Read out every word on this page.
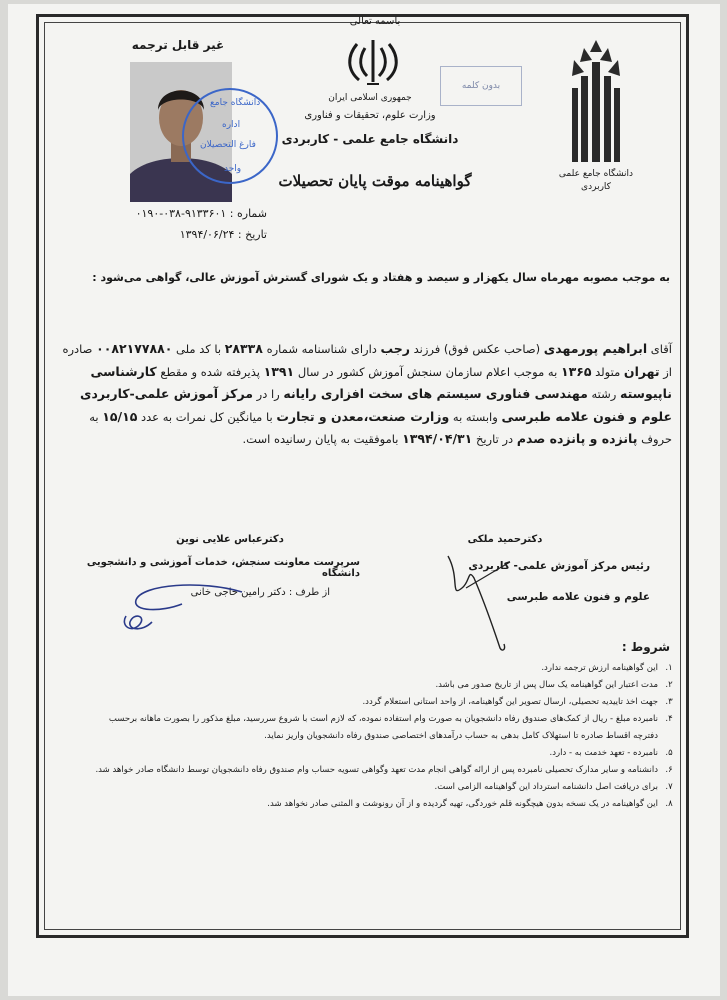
باسمه تعالی
جمهوری اسلامی ایران
وزارت علوم، تحقیقات و فناوری
دانشگاه جامع علمی - کاربردی
گواهینامه موقت پایان تحصیلات	دانشگاه جامع علمی کاربردی
بدون کلمه
غیر قابل ترجمه
دانشگاه جامع
اداره
فارغ التحصیلان
واحد
شماره : ۹۱۳۳۶۰۱-۰۳۸-۰۱۹۰
تاریخ : ۱۳۹۴/۰۶/۲۴
به موجب مصوبه مهرماه سال یکهزار و سیصد و هفتاد و یک شورای گسترش آموزش عالی، گواهی می‌شود :
آقای ابراهیم پورمهدی (صاحب عکس فوق) فرزند رجب دارای شناسنامه شماره ۲۸۳۳۸ با کد ملی ۰۰۸۲۱۷۷۸۸۰ صادره از تهران متولد ۱۳۶۵ به موجب اعلام سازمان سنجش آموزش کشور در سال ۱۳۹۱ پذیرفته شده و مقطع کارشناسی ناپیوسته رشته مهندسی فناوری سیستم های سخت افزاری رایانه را در مرکز آموزش علمی-کاربردی علوم و فنون علامه طبرسی وابسته به وزارت صنعت،معدن و تجارت با میانگین کل نمرات به عدد ۱۵/۱۵ به حروف پانزده و پانزده صدم در تاریخ ۱۳۹۴/۰۴/۳۱ باموفقیت به پایان رسانیده است.
دکترعباس علایی نوین
سرپرست معاونت سنجش، خدمات آموزشی و دانشجویی دانشگاه
از طرف : دکتر رامین حاجی خانی
دکترحمید ملکی
رئیس مرکز آموزش علمی- کاربردی
علوم و فنون علامه طبرسی
شروط :
۱.
این گواهینامه ارزش ترجمه ندارد.
۲.
مدت اعتبار این گواهینامه یک سال پس از تاریخ صدور می باشد.
۳.
جهت اخذ تاییدیه تحصیلی، ارسال تصویر این گواهینامه، از واحد استانی استعلام گردد.
۴.
نامبرده مبلغ - ریال از کمک‌های صندوق رفاه دانشجویان به صورت وام استفاده نموده، که لازم است با شروع سررسید، مبلغ مذکور را بصورت ماهانه برحسب دفترچه اقساط صادره تا استهلاک کامل بدهی به حساب درآمدهای اختصاصی صندوق رفاه دانشجویان واریز نماید.
۵.
نامبرده - تعهد خدمت به - دارد.
۶.
دانشنامه و سایر مدارک تحصیلی نامبرده پس از ارائه گواهی انجام مدت تعهد وگواهی تسویه حساب وام صندوق رفاه دانشجویان توسط دانشگاه صادر خواهد شد.
۷.
برای دریافت اصل دانشنامه استرداد این گواهینامه الزامی است.
۸.
این گواهینامه در یک نسخه بدون هیچگونه قلم خوردگی، تهیه گردیده و از آن رونوشت و المثنی صادر نخواهد شد.
